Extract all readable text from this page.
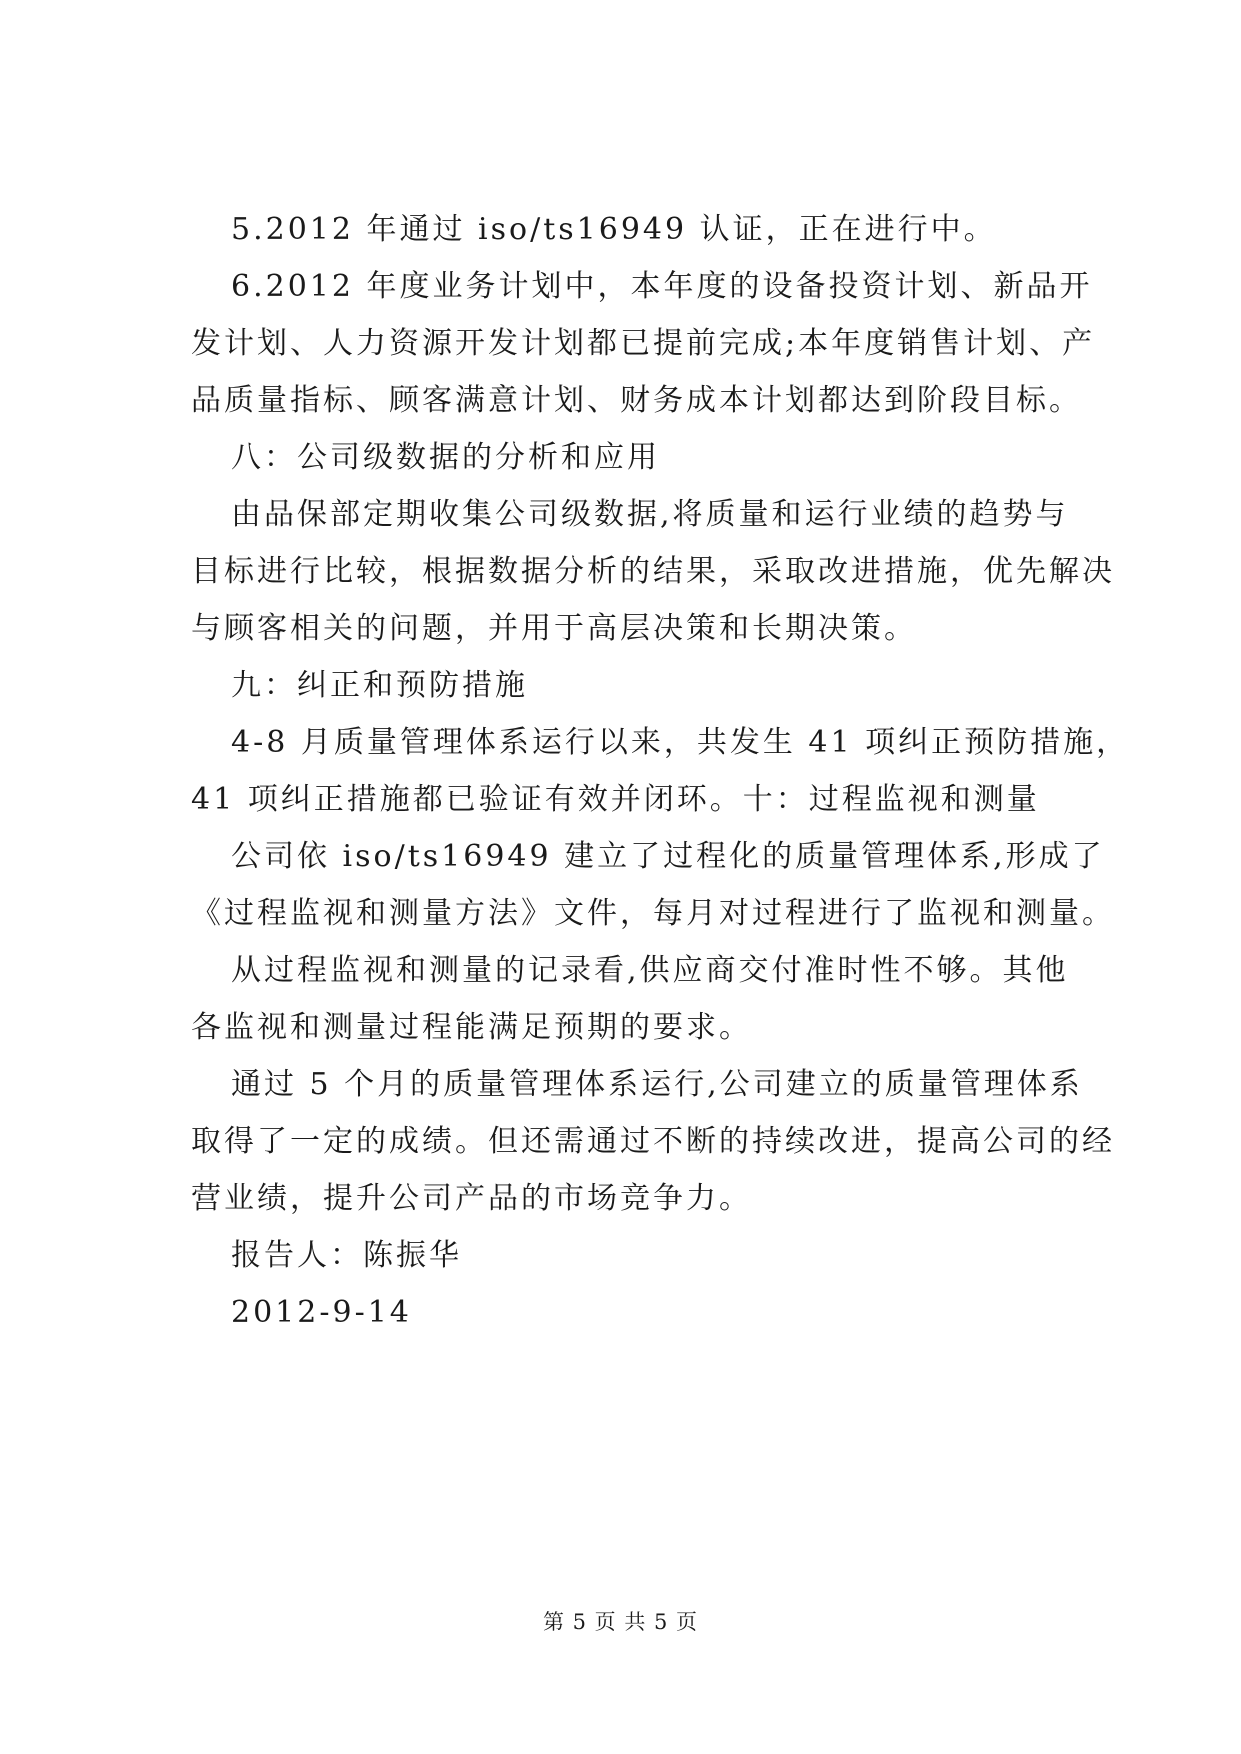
5.2012 年通过 iso/ts16949 认证，正在进行中。
6.2012 年度业务计划中，本年度的设备投资计划、新品开
发计划、人力资源开发计划都已提前完成;本年度销售计划、产
品质量指标、顾客满意计划、财务成本计划都达到阶段目标。
八：公司级数据的分析和应用
由品保部定期收集公司级数据,将质量和运行业绩的趋势与
目标进行比较，根据数据分析的结果，采取改进措施，优先解决
与顾客相关的问题，并用于高层决策和长期决策。
九：纠正和预防措施
4-8 月质量管理体系运行以来，共发生 41 项纠正预防措施，
41 项纠正措施都已验证有效并闭环。十：过程监视和测量
公司依 iso/ts16949 建立了过程化的质量管理体系,形成了
《过程监视和测量方法》文件，每月对过程进行了监视和测量。
从过程监视和测量的记录看,供应商交付准时性不够。其他
各监视和测量过程能满足预期的要求。
通过 5 个月的质量管理体系运行,公司建立的质量管理体系
取得了一定的成绩。但还需通过不断的持续改进，提高公司的经
营业绩，提升公司产品的市场竞争力。
报告人：陈振华
2012-9-14
第 5 页 共 5 页
